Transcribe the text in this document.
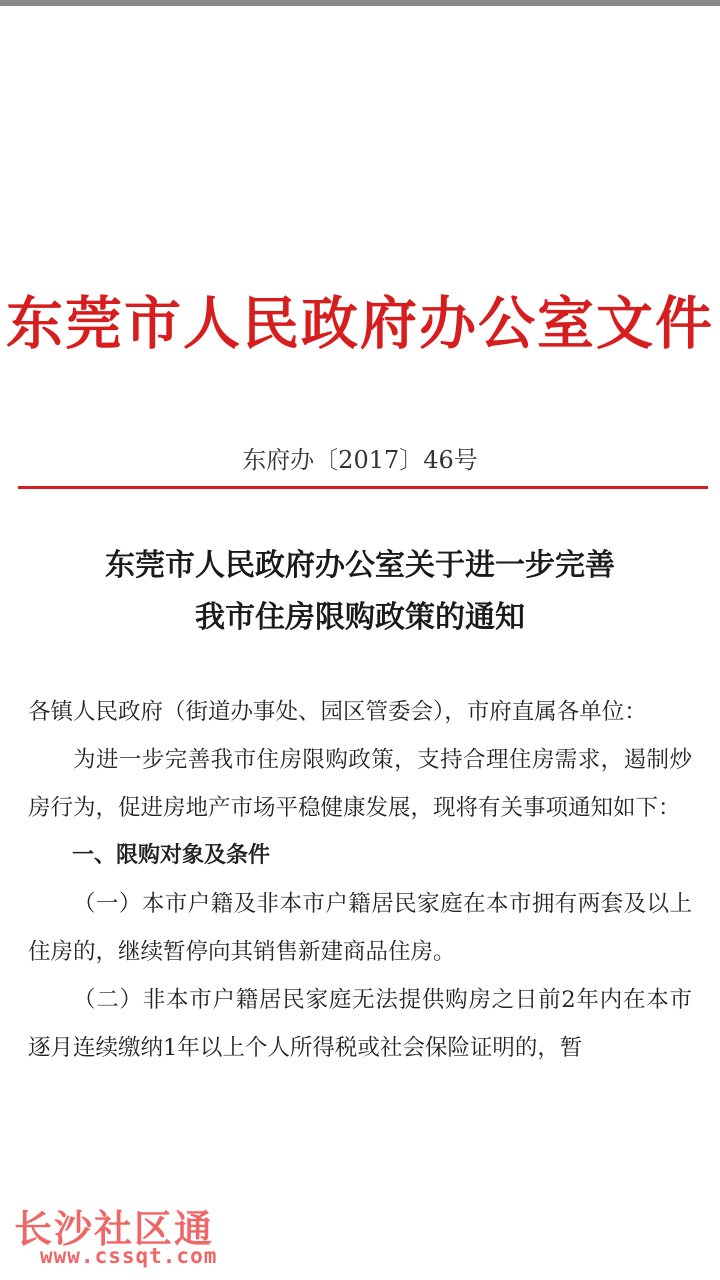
东莞市人民政府办公室文件
东府办〔2017〕46号
东莞市人民政府办公室关于进一步完善
我市住房限购政策的通知

各镇人民政府（街道办事处、园区管委会），市府直属各单位：

为进一步完善我市住房限购政策，支持合理住房需求，遏制炒房行为，促进房地产市场平稳健康发展，现将有关事项通知如下：

一、限购对象及条件

（一）本市户籍及非本市户籍居民家庭在本市拥有两套及以上住房的，继续暂停向其销售新建商品住房。

（二）非本市户籍居民家庭无法提供购房之日前2年内在本市逐月连续缴纳1年以上个人所得税或社会保险证明的，暂

长沙社区通
www.cssqt.com
